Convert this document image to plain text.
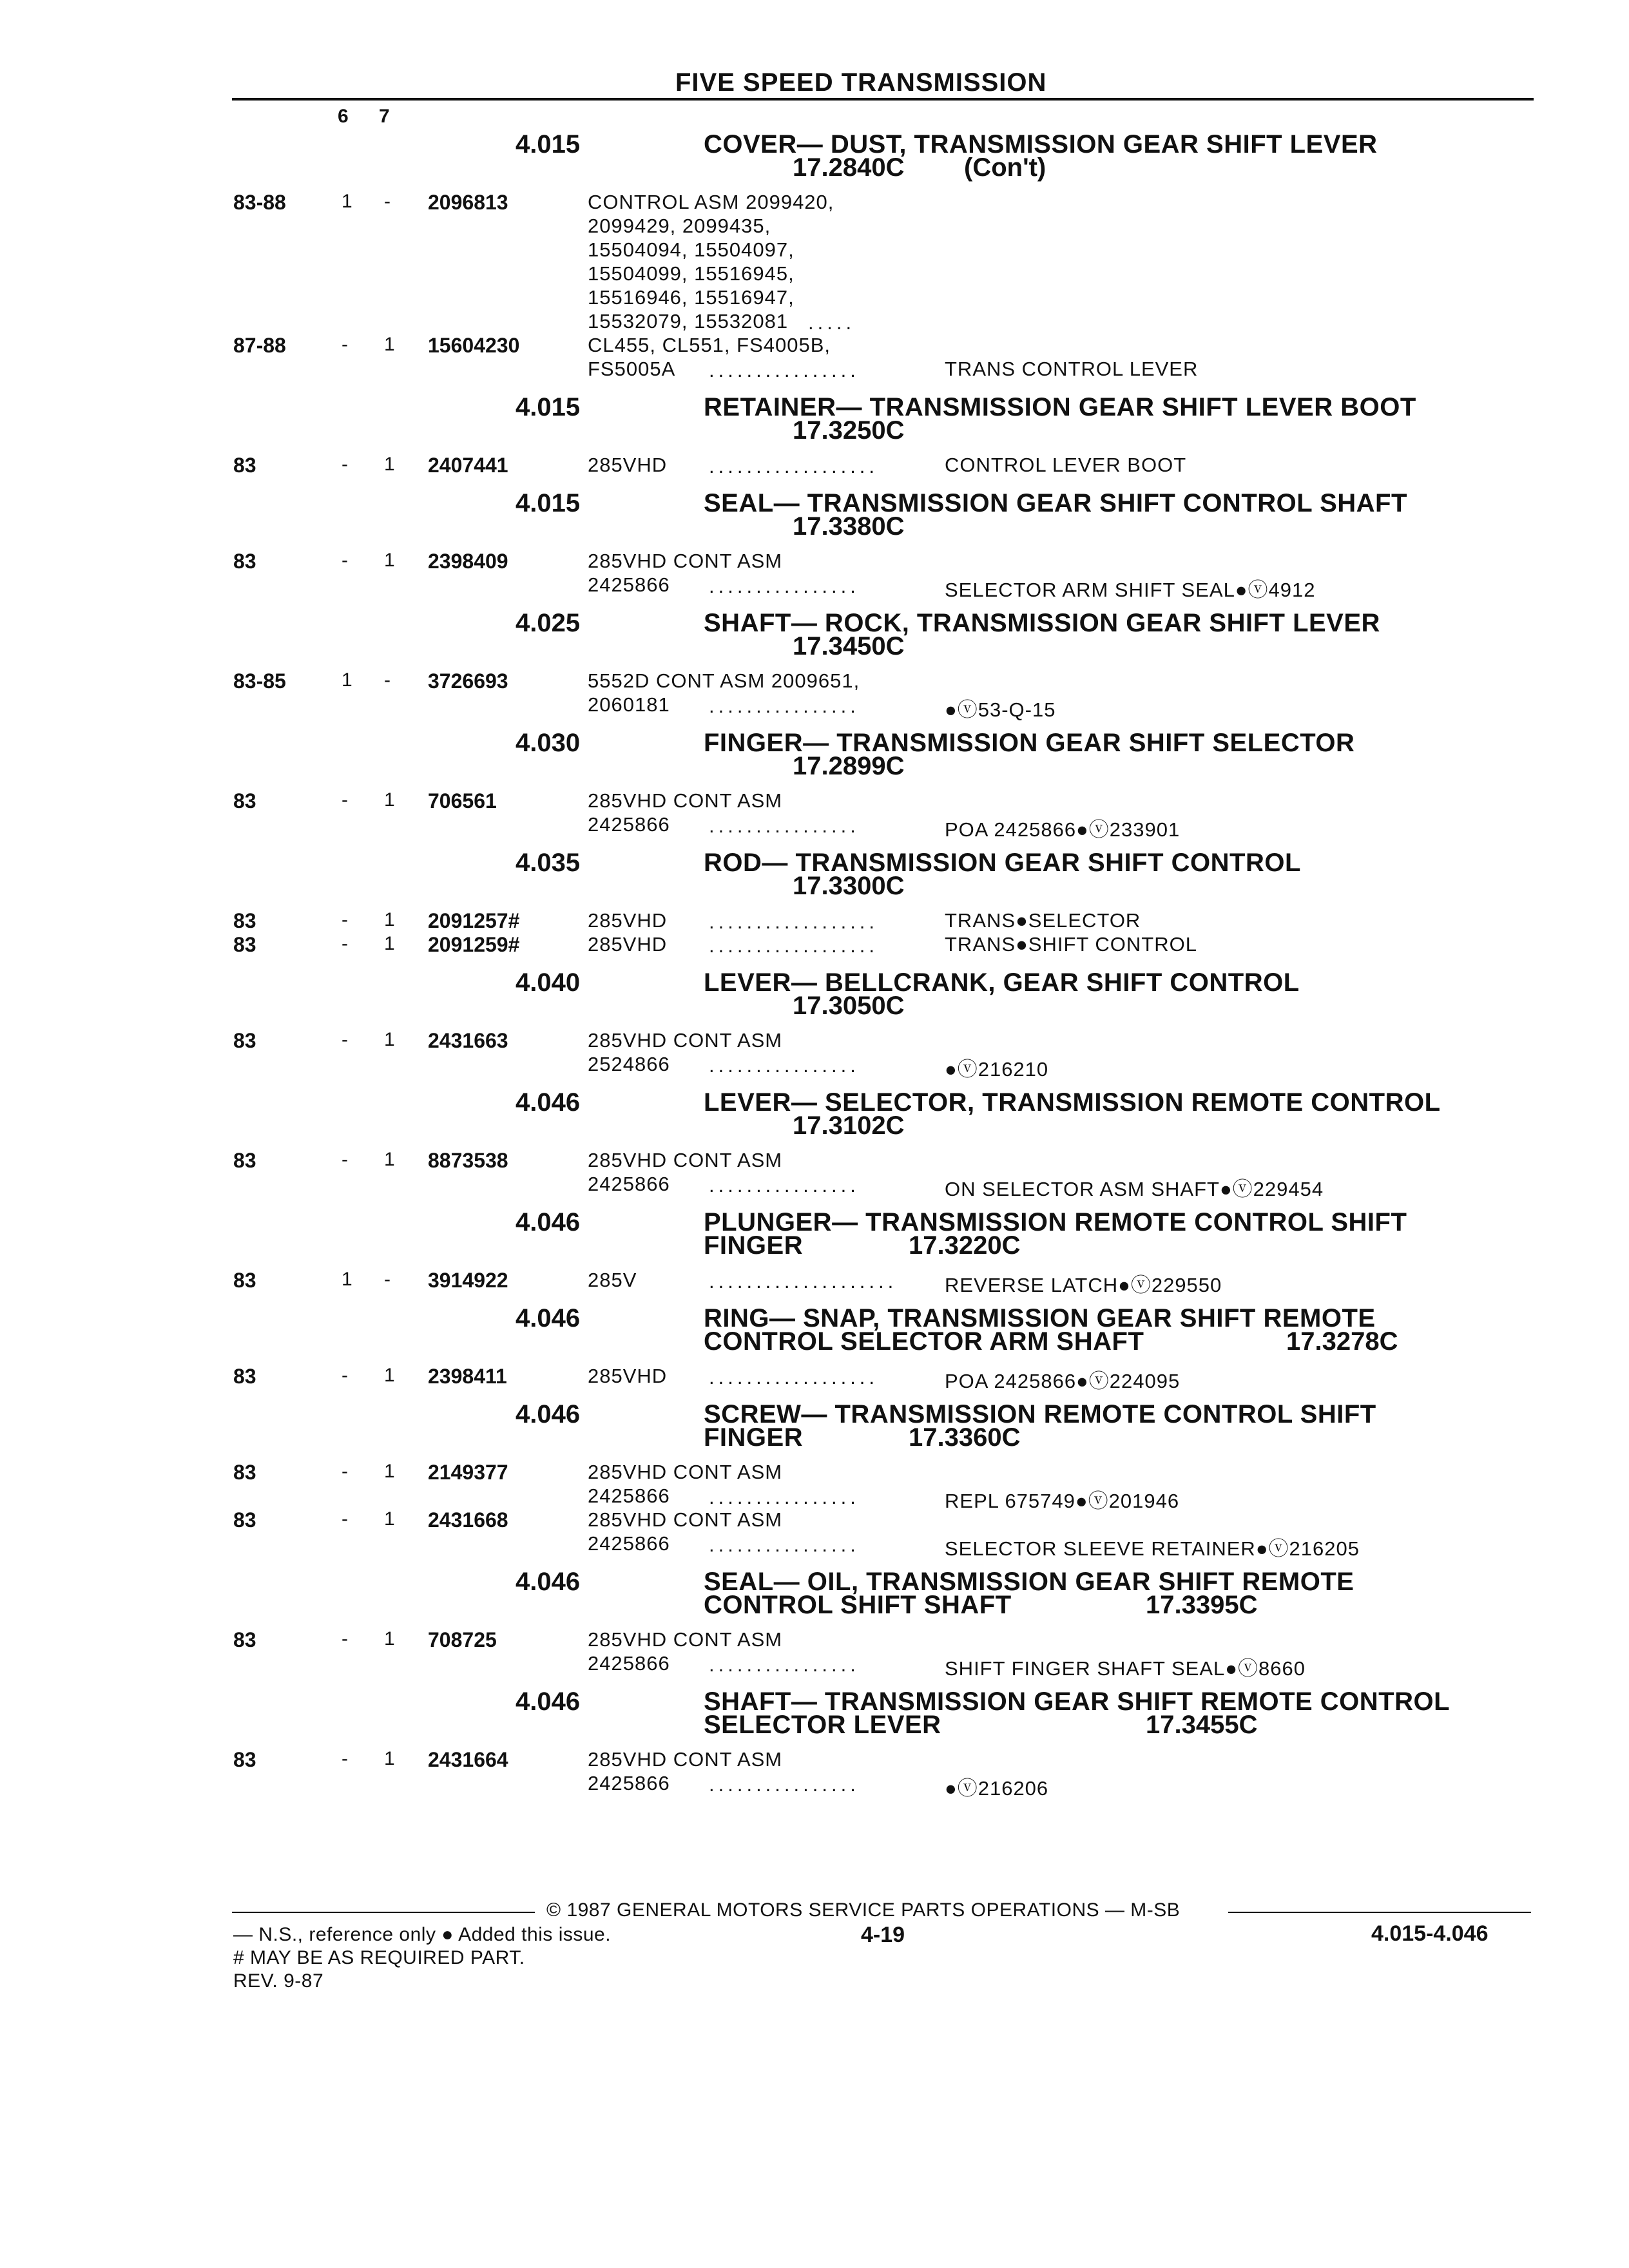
FIVE SPEED TRANSMISSION
6 7
4.015	COVER— DUST, TRANSMISSION GEAR SHIFT LEVER
17.2840C (Con't)
83-88	1 - 2096813	CONTROL ASM 2099420,
2099429, 2099435,
15504094, 15504097,
15504099, 15516945,
15516946, 15516947,
15532079, 15532081 .....
87-88	- 1 15604230	CL455, CL551, FS4005B,
FS5005A ................	TRANS CONTROL LEVER
4.015	RETAINER— TRANSMISSION GEAR SHIFT LEVER BOOT
17.3250C
83	- 1 2407441	285VHD ..................	CONTROL LEVER BOOT
4.015	SEAL— TRANSMISSION GEAR SHIFT CONTROL SHAFT
17.3380C
83	- 1 2398409	285VHD CONT ASM
2425866 ................	SELECTOR ARM SHIFT SEAL●ⓥ4912
4.025	SHAFT— ROCK, TRANSMISSION GEAR SHIFT LEVER
17.3450C
83-85	1 - 3726693	5552D CONT ASM 2009651,
2060181 ................	●ⓥ53-Q-15
4.030	FINGER— TRANSMISSION GEAR SHIFT SELECTOR
17.2899C
83	- 1 706561	285VHD CONT ASM
2425866 ................	POA 2425866●ⓥ233901
4.035	ROD— TRANSMISSION GEAR SHIFT CONTROL
17.3300C
83	- 1 2091257#	285VHD ..................	TRANS●SELECTOR
83	- 1 2091259#	285VHD ..................	TRANS●SHIFT CONTROL
4.040	LEVER— BELLCRANK, GEAR SHIFT CONTROL
17.3050C
83	- 1 2431663	285VHD CONT ASM
2524866 ................	●ⓥ216210
4.046	LEVER— SELECTOR, TRANSMISSION REMOTE CONTROL
17.3102C
83	- 1 8873538	285VHD CONT ASM
2425866 ................	ON SELECTOR ASM SHAFT●ⓥ229454
4.046	PLUNGER— TRANSMISSION REMOTE CONTROL SHIFT
FINGER	17.3220C
83	1 - 3914922	285V	.................... REVERSE LATCH●ⓥ229550
4.046	RING— SNAP, TRANSMISSION GEAR SHIFT REMOTE
CONTROL SELECTOR ARM SHAFT	17.3278C
83	- 1 2398411	285VHD ..................	POA 2425866●ⓥ224095
4.046	SCREW— TRANSMISSION REMOTE CONTROL SHIFT
FINGER	17.3360C
83	- 1 2149377	285VHD CONT ASM
2425866 ................	REPL 675749●ⓥ201946
83	- 1 2431668	285VHD CONT ASM
2425866 ................	SELECTOR SLEEVE RETAINER●ⓥ216205
4.046	SEAL— OIL, TRANSMISSION GEAR SHIFT REMOTE
CONTROL SHIFT SHAFT	17.3395C
83	- 1 708725	285VHD CONT ASM
2425866 ................	SHIFT FINGER SHAFT SEAL●ⓥ8660
4.046	SHAFT— TRANSMISSION GEAR SHIFT REMOTE CONTROL
SELECTOR LEVER	17.3455C
83	- 1 2431664	285VHD CONT ASM
2425866 ................	●ⓥ216206
© 1987 GENERAL MOTORS SERVICE PARTS OPERATIONS — M-SB
— N.S., reference only ● Added this issue.	4-19	4.015-4.046
# MAY BE AS REQUIRED PART.
REV. 9-87
